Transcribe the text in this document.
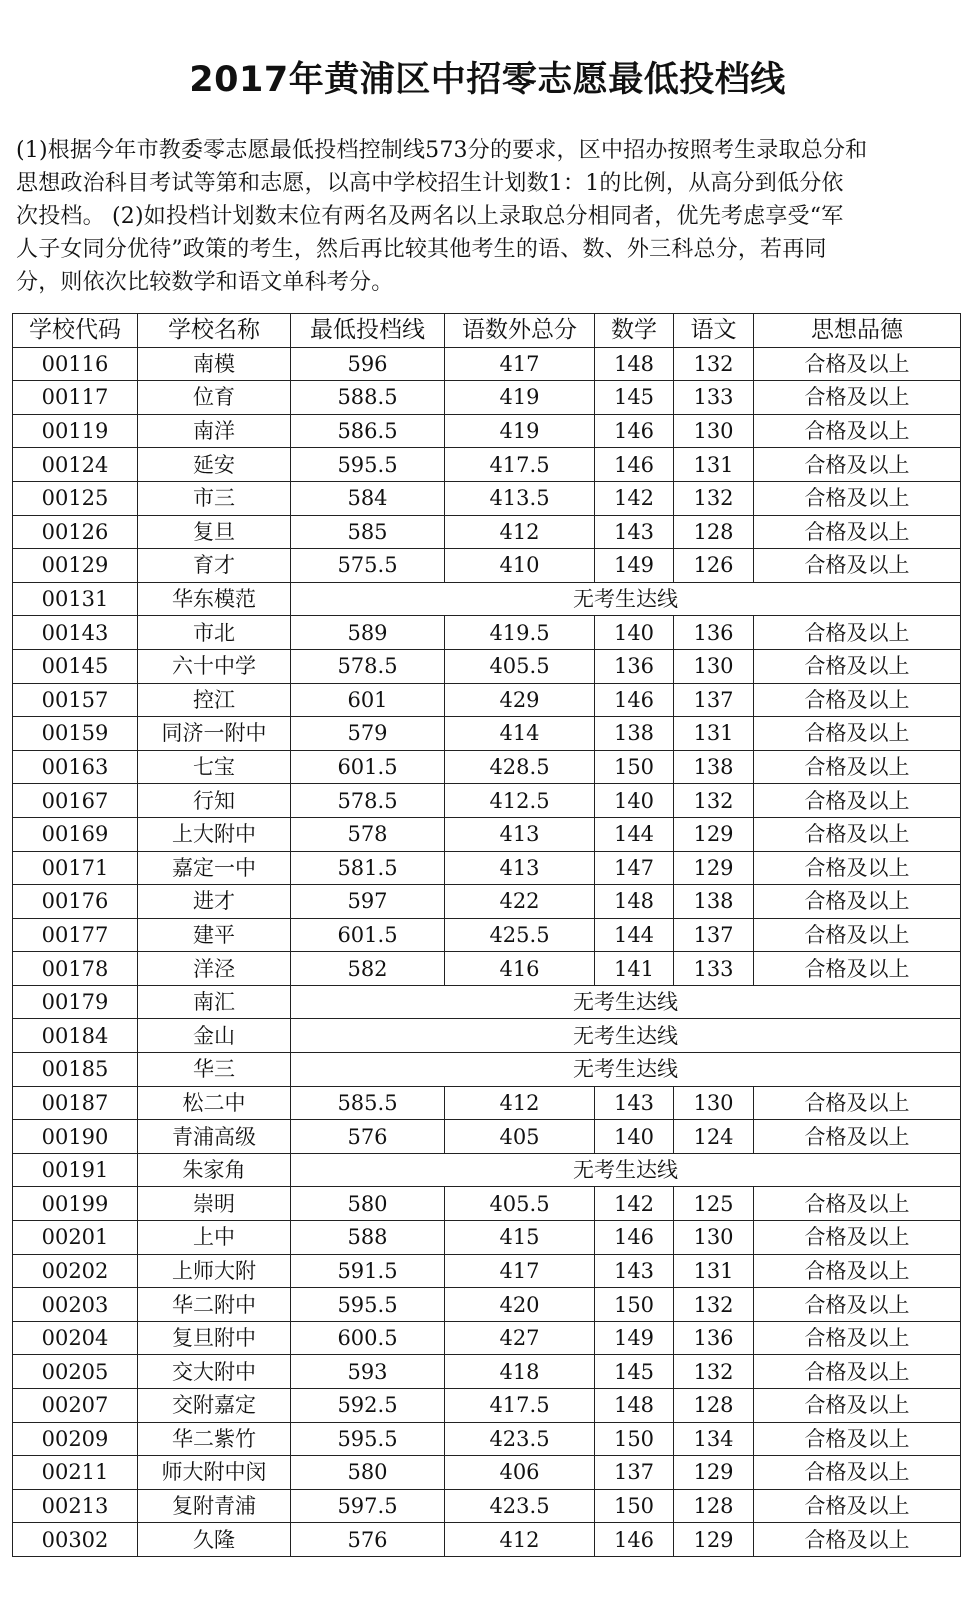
2017年黄浦区中招零志愿最低投档线
(1)根据今年市教委零志愿最低投档控制线573分的要求，区中招办按照考生录取总分和
思想政治科目考试等第和志愿，以高中学校招生计划数1：1的比例，从高分到低分依
次投档。 (2)如投档计划数末位有两名及两名以上录取总分相同者，优先考虑享受“军
人子女同分优待”政策的考生，然后再比较其他考生的语、数、外三科总分，若再同
分，则依次比较数学和语文单科考分。
学校代码	学校名称	最低投档线	语数外总分	数学	语文	思想品德
00116	南模	596	417	148	132	合格及以上
00117	位育	588.5	419	145	133	合格及以上
00119	南洋	586.5	419	146	130	合格及以上
00124	延安	595.5	417.5	146	131	合格及以上
00125	市三	584	413.5	142	132	合格及以上
00126	复旦	585	412	143	128	合格及以上
00129	育才	575.5	410	149	126	合格及以上
00131	华东模范	无考生达线				
00143	市北	589	419.5	140	136	合格及以上
00145	六十中学	578.5	405.5	136	130	合格及以上
00157	控江	601	429	146	137	合格及以上
00159	同济一附中	579	414	138	131	合格及以上
00163	七宝	601.5	428.5	150	138	合格及以上
00167	行知	578.5	412.5	140	132	合格及以上
00169	上大附中	578	413	144	129	合格及以上
00171	嘉定一中	581.5	413	147	129	合格及以上
00176	进才	597	422	148	138	合格及以上
00177	建平	601.5	425.5	144	137	合格及以上
00178	洋泾	582	416	141	133	合格及以上
00179	南汇	无考生达线				
00184	金山	无考生达线				
00185	华三	无考生达线				
00187	松二中	585.5	412	143	130	合格及以上
00190	青浦高级	576	405	140	124	合格及以上
00191	朱家角	无考生达线				
00199	崇明	580	405.5	142	125	合格及以上
00201	上中	588	415	146	130	合格及以上
00202	上师大附	591.5	417	143	131	合格及以上
00203	华二附中	595.5	420	150	132	合格及以上
00204	复旦附中	600.5	427	149	136	合格及以上
00205	交大附中	593	418	145	132	合格及以上
00207	交附嘉定	592.5	417.5	148	128	合格及以上
00209	华二紫竹	595.5	423.5	150	134	合格及以上
00211	师大附中闵	580	406	137	129	合格及以上
00213	复附青浦	597.5	423.5	150	128	合格及以上
00302	久隆	576	412	146	129	合格及以上
